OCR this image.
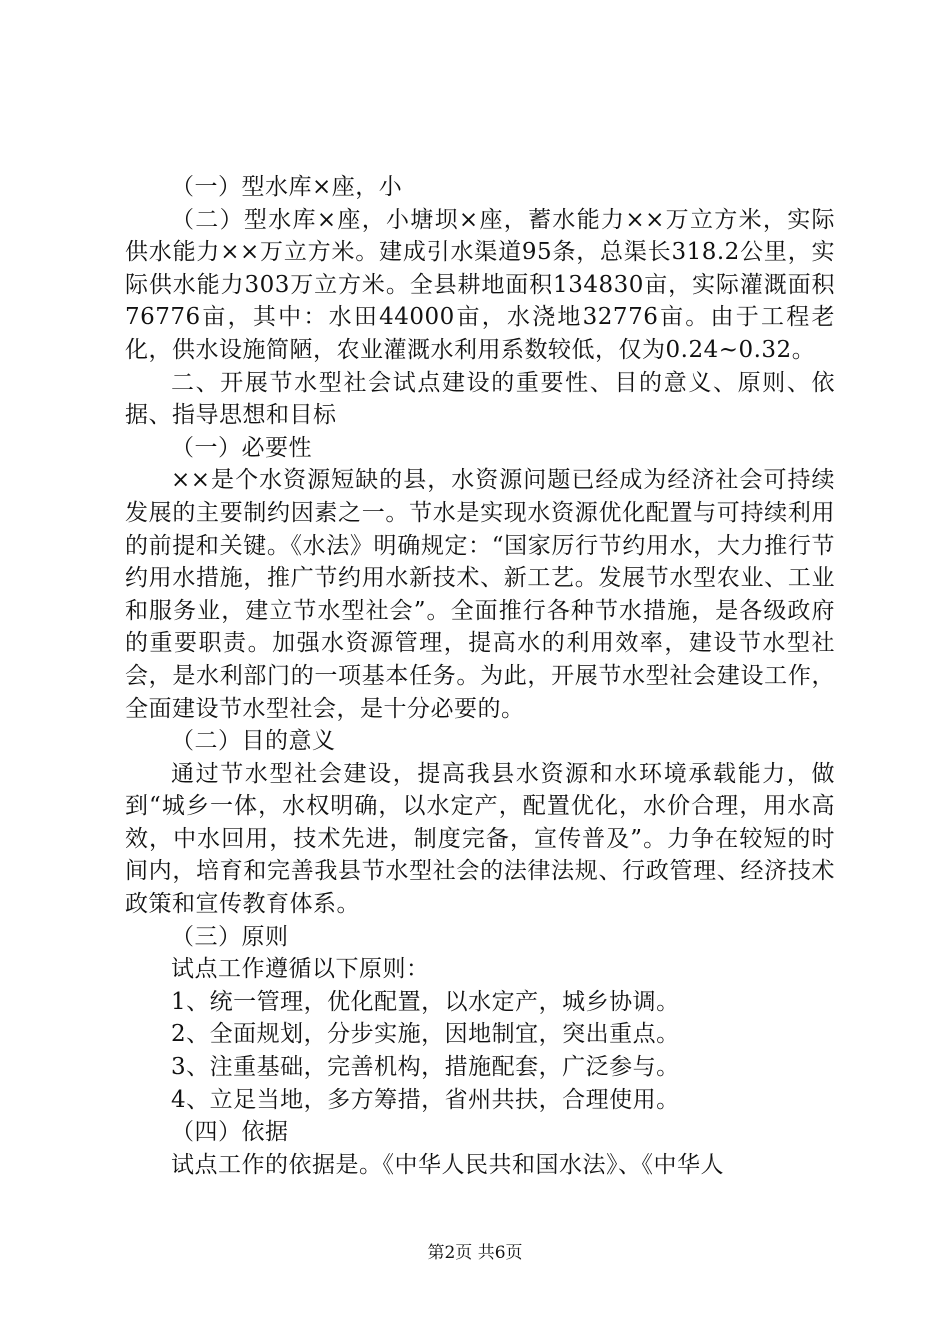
（一）型水库×座，小

（二）型水库×座，小塘坝×座，蓄水能力××万立方米，实际供水能力××万立方米。建成引水渠道95条，总渠长318.2公里，实际供水能力303万立方米。全县耕地面积134830亩，实际灌溉面积76776亩，其中：水田44000亩，水浇地32776亩。由于工程老化，供水设施简陋，农业灌溉水利用系数较低，仅为0.24~0.32。

二、开展节水型社会试点建设的重要性、目的意义、原则、依据、指导思想和目标

（一）必要性

××是个水资源短缺的县，水资源问题已经成为经济社会可持续发展的主要制约因素之一。节水是实现水资源优化配置与可持续利用的前提和关键。《水法》明确规定：“国家厉行节约用水，大力推行节约用水措施，推广节约用水新技术、新工艺。发展节水型农业、工业和服务业，建立节水型社会”。全面推行各种节水措施，是各级政府的重要职责。加强水资源管理，提高水的利用效率，建设节水型社会，是水利部门的一项基本任务。为此，开展节水型社会建设工作，全面建设节水型社会，是十分必要的。

（二）目的意义

通过节水型社会建设，提高我县水资源和水环境承载能力，做到“城乡一体，水权明确，以水定产，配置优化，水价合理，用水高效，中水回用，技术先进，制度完备，宣传普及”。力争在较短的时间内，培育和完善我县节水型社会的法律法规、行政管理、经济技术政策和宣传教育体系。

（三）原则

试点工作遵循以下原则：

1、统一管理，优化配置，以水定产，城乡协调。

2、全面规划，分步实施，因地制宜，突出重点。

3、注重基础，完善机构，措施配套，广泛参与。

4、立足当地，多方筹措，省州共扶，合理使用。

（四）依据

试点工作的依据是。《中华人民共和国水法》、《中华人

第2页 共6页
